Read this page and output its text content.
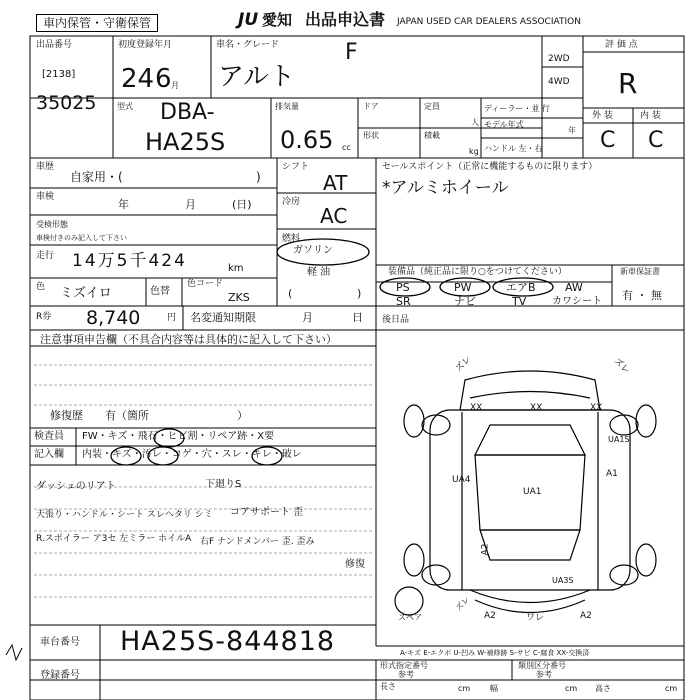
車内保管・守衛保管	JU 愛知 出品申込書 JAPAN USED CAR DEALERS ASSOCIATION
出品番号
[2138]
35025
初度登録年月
24 6 月
車名・グレード
アルト
F	2WD
4WD
評 価 点
R
型式 DBA-
HA25S
排気量
0.65 cc
ドア	定員
人
ディーラー・並 行
モデル年式
年
形状	積載
kg ハンドル 左・右
外 装	内 装
C C
車歴
自家用・(	)
車検
年	月	(日)
受検形態
車検付きのみ記入して下さい
走行 14万5千424	km
色 ミズイロ	色替
色コード
ZKS
シフト
AT
冷房
AC
燃料
ガソリン
軽 油
(	)
セールスポイント（正常に機能するものに限ります）
*アルミホイール
装備品（純正品に限り○をつけてください）
PS	PW	エアB	AW
SR	ナビ	TV	カワシート
新車保証書
有 ・ 無
R券 8,740	円 名変通知期限	月	日 後日品
注意事項申告欄（不具合内容等は具体的に記入して下さい）
修復歴　　有（箇所　　　　　　　　）
検査員
記入欄
FW・キズ・飛石・ヒビ割・リペア跡・X要
内装・キズ・汚レ・コゲ・穴・スレ・キレ・破レ
ダッシュのリアト	下廻りS
天張り・ハンドル・シート スレヘタリ シミ コアサポート 歪
R.スポイラー ア3セ 左ミラー ホイルA 右F ナンドメンバー 歪. 歪み
修復
車台番号 HA25S-844818
登録番号
A-キズ E-エクボ U-凹み W-補修跡 S-サビ C-腐食 XX-交換済
形式指定番号
参考
類別区分番号
参考
長さ	cm 幅	cm 高さ	cm
ズレ
XX	XX	XX
ズレ
UA1S
UA4
UA1
A1
A2
UA3S
ズレ
A2	ワレ	A2
スペア
